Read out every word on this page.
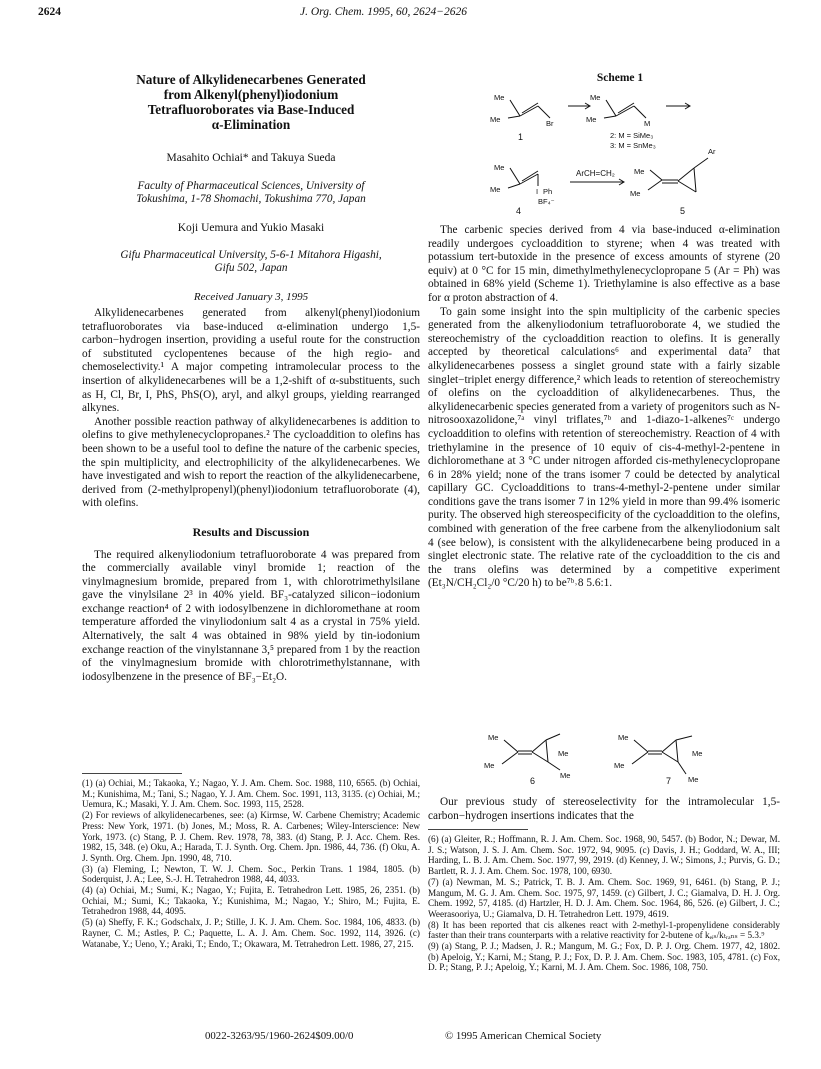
2624	J. Org. Chem. 1995, 60, 2624−2626
Nature of Alkylidenecarbenes Generated
from Alkenyl(phenyl)iodonium
Tetrafluoroborates via Base-Induced
α-Elimination
Masahito Ochiai* and Takuya Sueda
Faculty of Pharmaceutical Sciences, University of
Tokushima, 1-78 Shomachi, Tokushima 770, Japan
Koji Uemura and Yukio Masaki
Gifu Pharmaceutical University, 5-6-1 Mitahora Higashi,
Gifu 502, Japan
Received January 3, 1995

Alkylidenecarbenes generated from alkenyl(phenyl)iodonium tetrafluoroborates via base-induced α-elimination undergo 1,5-carbon−hydrogen insertion, providing a useful route for the construction of substituted cyclopentenes because of the high regio- and chemoselectivity.¹ A major competing intramolecular process to the insertion of alkylidenecarbenes will be a 1,2-shift of α-substituents, such as H, Cl, Br, I, PhS, PhS(O), aryl, and alkyl groups, yielding rearranged alkynes.

Another possible reaction pathway of alkylidenecarbenes is addition to olefins to give methylenecyclopropanes.² The cycloaddition to olefins has been shown to be a useful tool to define the nature of the carbenic species, the spin multiplicity, and electrophilicity of the alkylidenecarbenes. We have investigated and wish to report the reaction of the alkylidenecarbene, derived from (2-methylpropenyl)(phenyl)iodonium tetrafluoroborate (4), with olefins.

Results and Discussion

The required alkenyliodonium tetrafluoroborate 4 was prepared from the commercially available vinyl bromide 1; reaction of the vinylmagnesium bromide, prepared from 1, with chlorotrimethylsilane gave the vinylsilane 2³ in 40% yield. BF₃-catalyzed silicon−iodonium exchange reaction⁴ of 2 with iodosylbenzene in dichloromethane at room temperature afforded the vinyliodonium salt 4 as a crystal in 75% yield. Alternatively, the salt 4 was obtained in 98% yield by tin-iodonium exchange reaction of the vinylstannane 3,⁵ prepared from 1 by the reaction of the vinylmagnesium bromide with chlorotrimethylstannane, with iodosylbenzene in the presence of BF₃−Et₂O.

Scheme 1
Me
Me	Br
1
Me
Me	M
2: M = SiMe₃
3: M = SnMe₃
Me
Me	I Ph
BF₄⁻
4
ArCH=CH₂	Me
Me
Ar
5

The carbenic species derived from 4 via base-induced α-elimination readily undergoes cycloaddition to styrene; when 4 was treated with potassium tert-butoxide in the presence of excess amounts of styrene (20 equiv) at 0 °C for 15 min, dimethylmethylenecyclopropane 5 (Ar = Ph) was obtained in 68% yield (Scheme 1). Triethylamine is also effective as a base for α proton abstraction of 4.

To gain some insight into the spin multiplicity of the carbenic species generated from the alkenyliodonium tetrafluoroborate 4, we studied the stereochemistry of the cycloaddition reaction to olefins. It is generally accepted by theoretical calculations⁶ and experimental data⁷ that alkylidenecarbenes possess a singlet ground state with a fairly sizable singlet−triplet energy difference,² which leads to retention of stereochemistry of olefins on the cycloaddition of alkylidenecarbenes. Thus, the alkylidenecarbenic species generated from a variety of progenitors such as N-nitrosooxazolidone,⁷ᵃ vinyl triflates,⁷ᵇ and 1-diazo-1-alkenes⁷ᶜ undergo cycloaddition to olefins with retention of stereochemistry. Reaction of 4 with triethylamine in the presence of 10 equiv of cis-4-methyl-2-pentene in dichloromethane at 3 °C under nitrogen afforded cis-methylenecyclopropane 6 in 28% yield; none of the trans isomer 7 could be detected by analytical capillary GC. Cycloadditions to trans-4-methyl-2-pentene under similar conditions gave the trans isomer 7 in 12% yield in more than 99.4% isomeric purity. The observed high stereospecificity of the cycloaddition to the olefins, combined with generation of the free carbene from the alkenyliodonium salt 4 (see below), is consistent with the alkylidenecarbene being produced in a singlet electronic state. The relative rate of the cycloaddition to the cis and the trans olefins was determined by a competitive experiment (Et₃N/CH₂Cl₂/0 °C/20 h) to be⁷ᵇ˒8 5.6:1.

Me
Me
Me
Me
6
Me
Me
Me
Me
7

Our previous study of stereoselectivity for the intramolecular 1,5-carbon−hydrogen insertions indicates that the

(1) (a) Ochiai, M.; Takaoka, Y.; Nagao, Y. J. Am. Chem. Soc. 1988, 110, 6565. (b) Ochiai, M.; Kunishima, M.; Tani, S.; Nagao, Y. J. Am. Chem. Soc. 1991, 113, 3135. (c) Ochiai, M.; Uemura, K.; Masaki, Y. J. Am. Chem. Soc. 1993, 115, 2528.
(2) For reviews of alkylidenecarbenes, see: (a) Kirmse, W. Carbene Chemistry; Academic Press: New York, 1971. (b) Jones, M.; Moss, R. A. Carbenes; Wiley-Interscience: New York, 1973. (c) Stang, P. J. Chem. Rev. 1978, 78, 383. (d) Stang, P. J. Acc. Chem. Res. 1982, 15, 348. (e) Oku, A.; Harada, T. J. Synth. Org. Chem. Jpn. 1986, 44, 736. (f) Oku, A. J. Synth. Org. Chem. Jpn. 1990, 48, 710.
(3) (a) Fleming, I.; Newton, T. W. J. Chem. Soc., Perkin Trans. 1 1984, 1805. (b) Soderquist, J. A.; Lee, S.-J. H. Tetrahedron 1988, 44, 4033.
(4) (a) Ochiai, M.; Sumi, K.; Nagao, Y.; Fujita, E. Tetrahedron Lett. 1985, 26, 2351. (b) Ochiai, M.; Sumi, K.; Takaoka, Y.; Kunishima, M.; Nagao, Y.; Shiro, M.; Fujita, E. Tetrahedron 1988, 44, 4095.
(5) (a) Sheffy, F. K.; Godschalx, J. P.; Stille, J. K. J. Am. Chem. Soc. 1984, 106, 4833. (b) Rayner, C. M.; Astles, P. C.; Paquette, L. A. J. Am. Chem. Soc. 1992, 114, 3926. (c) Watanabe, Y.; Ueno, Y.; Araki, T.; Endo, T.; Okawara, M. Tetrahedron Lett. 1986, 27, 215.
(6) (a) Gleiter, R.; Hoffmann, R. J. Am. Chem. Soc. 1968, 90, 5457. (b) Bodor, N.; Dewar, M. J. S.; Watson, J. S. J. Am. Chem. Soc. 1972, 94, 9095. (c) Davis, J. H.; Goddard, W. A., III; Harding, L. B. J. Am. Chem. Soc. 1977, 99, 2919. (d) Kenney, J. W.; Simons, J.; Purvis, G. D.; Bartlett, R. J. J. Am. Chem. Soc. 1978, 100, 6930.
(7) (a) Newman, M. S.; Patrick, T. B. J. Am. Chem. Soc. 1969, 91, 6461. (b) Stang, P. J.; Mangum, M. G. J. Am. Chem. Soc. 1975, 97, 1459. (c) Gilbert, J. C.; Giamalva, D. H. J. Org. Chem. 1992, 57, 4185. (d) Hartzler, H. D. J. Am. Chem. Soc. 1964, 86, 526. (e) Gilbert, J. C.; Weerasooriya, U.; Giamalva, D. H. Tetrahedron Lett. 1979, 4619.
(8) It has been reported that cis alkenes react with 2-methyl-1-propenylidene considerably faster than their trans counterparts with a relative reactivity for 2-butene of kₑᵢₛ/kₜᵣₐₙₛ = 5.3.⁹
(9) (a) Stang, P. J.; Madsen, J. R.; Mangum, M. G.; Fox, D. P. J. Org. Chem. 1977, 42, 1802. (b) Apeloig, Y.; Karni, M.; Stang, P. J.; Fox, D. P. J. Am. Chem. Soc. 1983, 105, 4781. (c) Fox, D. P.; Stang, P. J.; Apeloig, Y.; Karni, M. J. Am. Chem. Soc. 1986, 108, 750.
0022-3263/95/1960-2624$09.00/0	© 1995 American Chemical Society
